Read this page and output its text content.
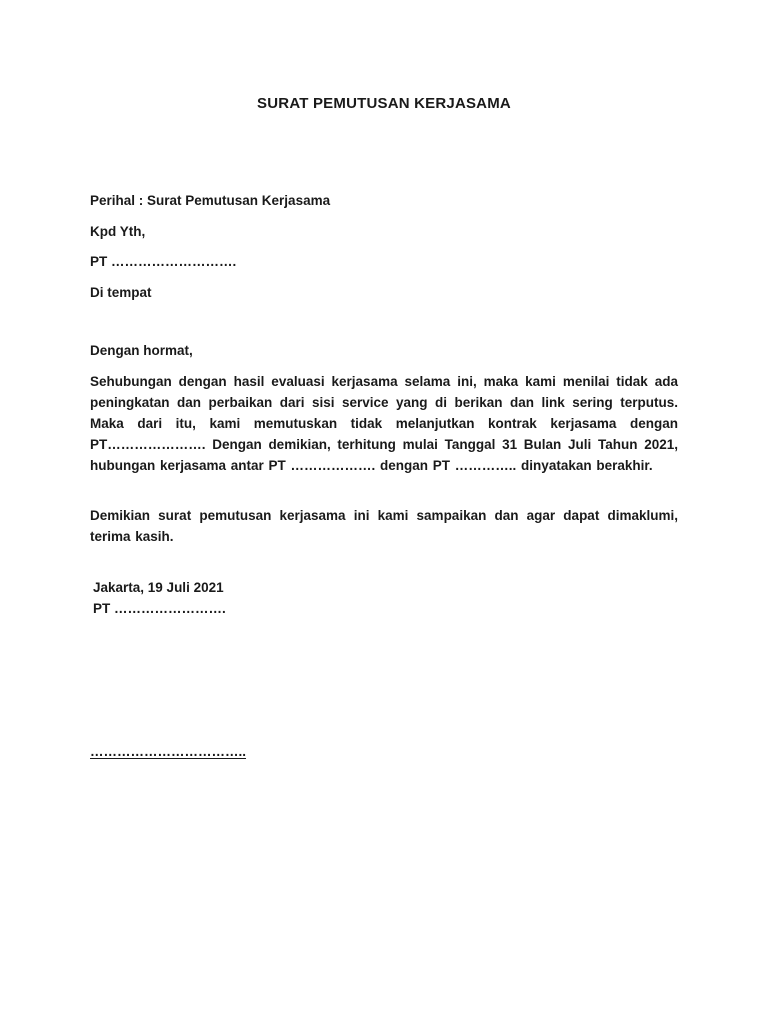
SURAT PEMUTUSAN KERJASAMA
Perihal : Surat Pemutusan Kerjasama
Kpd Yth,
PT ……………………….
Di tempat
Dengan hormat,
Sehubungan dengan hasil evaluasi kerjasama selama ini, maka kami menilai tidak ada peningkatan dan perbaikan dari sisi service yang di berikan dan link sering terputus. Maka dari itu, kami memutuskan tidak melanjutkan kontrak kerjasama dengan PT…………………. Dengan demikian, terhitung mulai Tanggal 31 Bulan Juli Tahun 2021, hubungan kerjasama antar PT ………………. dengan PT ………….. dinyatakan berakhir.
Demikian surat pemutusan kerjasama ini kami sampaikan dan agar dapat dimaklumi, terima kasih.
Jakarta, 19 Juli 2021
PT …………………….
……………………………..
